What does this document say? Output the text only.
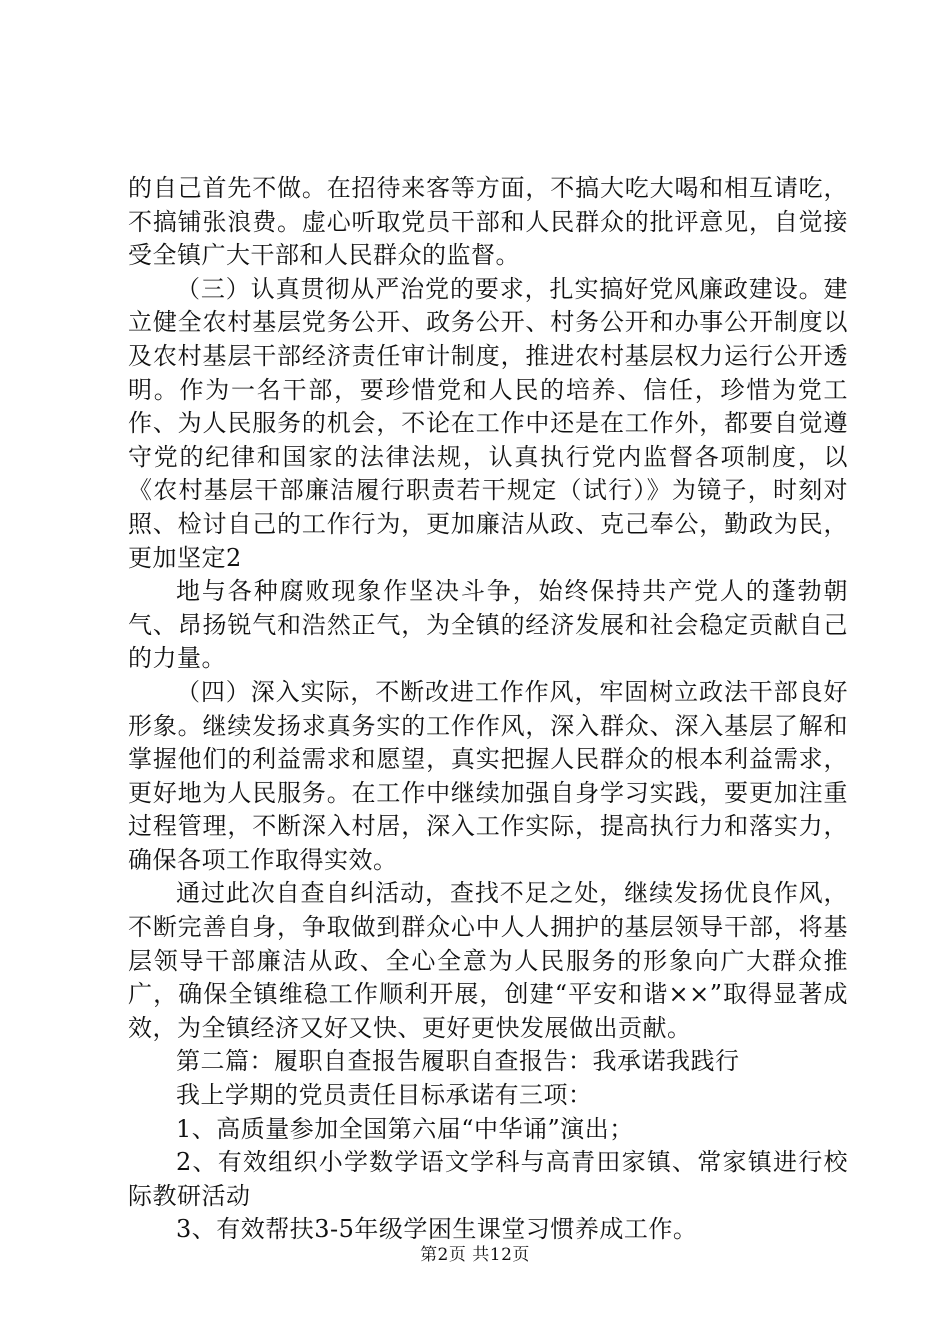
的自己首先不做。在招待来客等方面，不搞大吃大喝和相互请吃，不搞铺张浪费。虚心听取党员干部和人民群众的批评意见，自觉接受全镇广大干部和人民群众的监督。

（三）认真贯彻从严治党的要求，扎实搞好党风廉政建设。建立健全农村基层党务公开、政务公开、村务公开和办事公开制度以及农村基层干部经济责任审计制度，推进农村基层权力运行公开透明。作为一名干部，要珍惜党和人民的培养、信任，珍惜为党工作、为人民服务的机会，不论在工作中还是在工作外，都要自觉遵守党的纪律和国家的法律法规，认真执行党内监督各项制度，以《农村基层干部廉洁履行职责若干规定（试行）》为镜子，时刻对照、检讨自己的工作行为，更加廉洁从政、克己奉公，勤政为民，更加坚定2

地与各种腐败现象作坚决斗争，始终保持共产党人的蓬勃朝气、昂扬锐气和浩然正气，为全镇的经济发展和社会稳定贡献自己的力量。

（四）深入实际，不断改进工作作风，牢固树立政法干部良好形象。继续发扬求真务实的工作作风，深入群众、深入基层了解和掌握他们的利益需求和愿望，真实把握人民群众的根本利益需求，更好地为人民服务。在工作中继续加强自身学习实践，要更加注重过程管理，不断深入村居，深入工作实际，提高执行力和落实力，确保各项工作取得实效。

通过此次自查自纠活动，查找不足之处，继续发扬优良作风，不断完善自身，争取做到群众心中人人拥护的基层领导干部，将基层领导干部廉洁从政、全心全意为人民服务的形象向广大群众推广，确保全镇维稳工作顺利开展，创建“平安和谐××”取得显著成效，为全镇经济又好又快、更好更快发展做出贡献。

第二篇：履职自查报告履职自查报告：我承诺我践行

我上学期的党员责任目标承诺有三项：

1、高质量参加全国第六届“中华诵”演出；

2、有效组织小学数学语文学科与高青田家镇、常家镇进行校际教研活动

3、有效帮扶3-5年级学困生课堂习惯养成工作。

第2页 共12页
